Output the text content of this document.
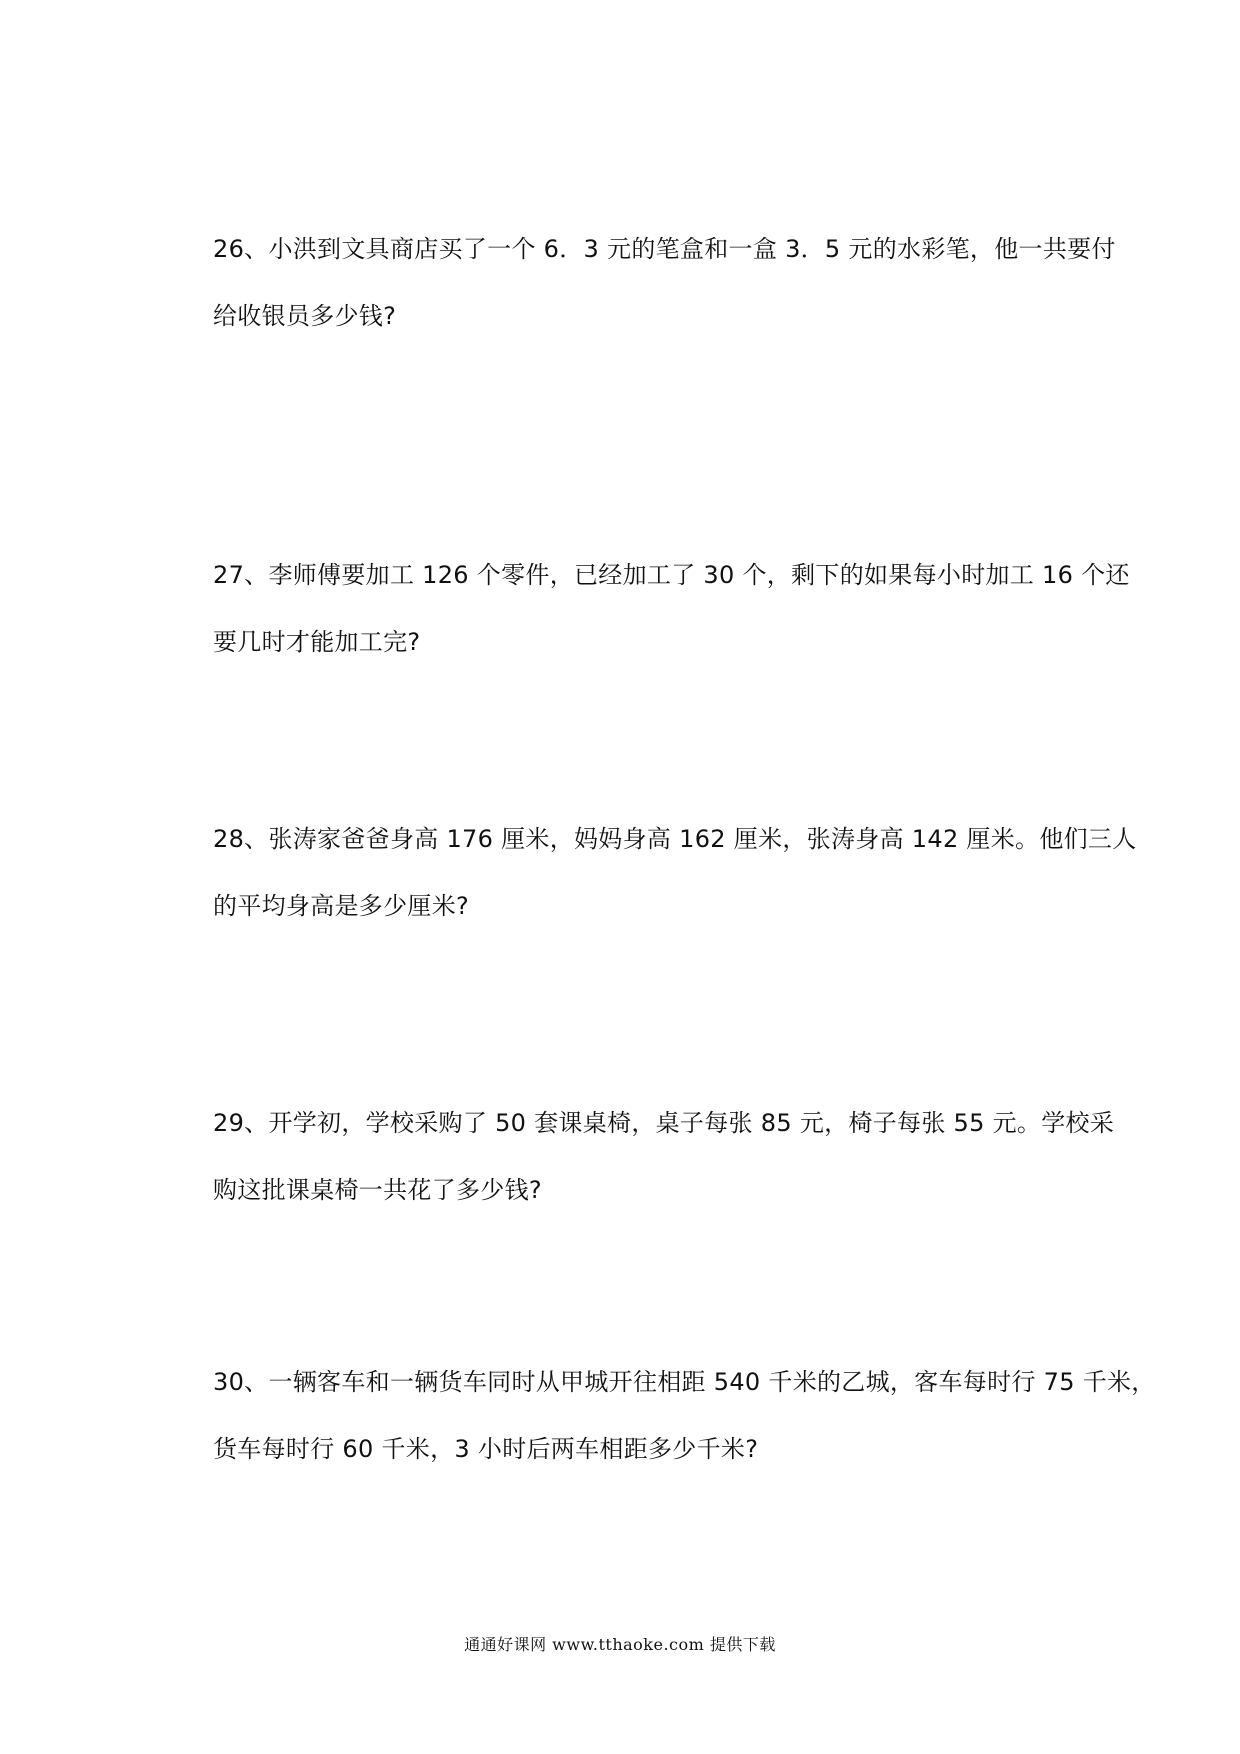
26、小洪到文具商店买了一个 6．3 元的笔盒和一盒 3．5 元的水彩笔，他一共要付
给收银员多少钱?
27、李师傅要加工 126 个零件，已经加工了 30 个，剩下的如果每小时加工 16 个还
要几时才能加工完?
28、张涛家爸爸身高 176 厘米，妈妈身高 162 厘米，张涛身高 142 厘米。他们三人
的平均身高是多少厘米?
29、开学初，学校采购了 50 套课桌椅，桌子每张 85 元，椅子每张 55 元。学校采
购这批课桌椅一共花了多少钱?
30、一辆客车和一辆货车同时从甲城开往相距 540 千米的乙城，客车每时行 75 千米，
货车每时行 60 千米，3 小时后两车相距多少千米?
通通好课网 www.tthaoke.com 提供下载
